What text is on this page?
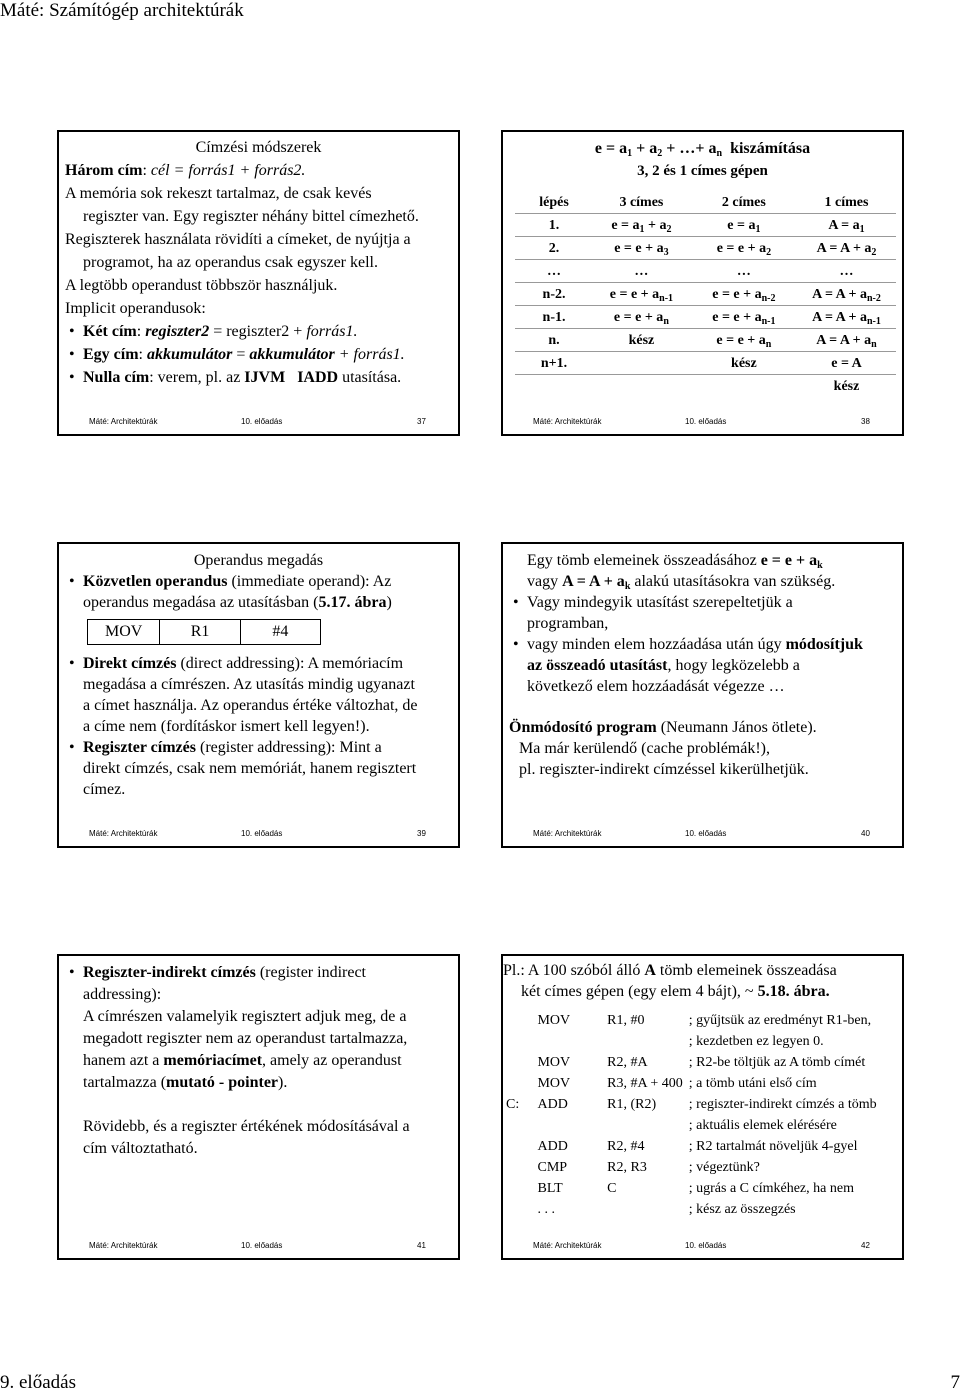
Máté: Számítógép architektúrák
Címzési módszerek
Három cím: cél = forrás1 + forrás2.
A memória sok rekeszt tartalmaz, de csak kevés
regiszter van. Egy regiszter néhány bittel címezhető.
Regiszterek használata rövidíti a címeket, de nyújtja a
programot, ha az operandus csak egyszer kell.
A legtöbb operandust többször használjuk.
Implicit operandusok:
• Két cím: regiszter2 = regiszter2 + forrás1.
• Egy cím: akkumulátor = akkumulátor + forrás1.
• Nulla cím: verem, pl. az IJVM IADD utasítása.
Máté: Architektúrák	10. előadás	37
$e = a_1 + a_2$ + …+ $a_n$ kiszámítása
3, 2 és 1 címes gépen
lépés	3 címes	2 címes	1 címes
1.	$e = a_1 + a_2$	$e = a_1$	$A = a_1$
2.	$e = e + a_3$	$e = e + a_2$	$A = A + a_2$
…	…	…	…
n-2.	$e = e + a_{n-1}$	$e = e + a_{n-2}$	$A = A + a_{n-2}$
n-1.	$e = e + a_n$	$e = e + a_{n-1}$	$A = A + a_{n-1}$
n.	kész	$e = e + a_n$	$A = A + a_n$
n+1.		kész	e = A
			kész
Máté: Architektúrák	10. előadás	38
Operandus megadás
• Közvetlen operandus (immediate operand): Az
operandus megadása az utasításban (5.17. ábra)
MOV	R1	#4
• Direkt címzés (direct addressing): A memóriacím
megadása a címrészen. Az utasítás mindig ugyanazt
a címet használja. Az operandus értéke változhat, de
a címe nem (fordításkor ismert kell legyen!).
• Regiszter címzés (register addressing): Mint a
direkt címzés, csak nem memóriát, hanem regisztert
címez.
Máté: Architektúrák	10. előadás	39
Egy tömb elemeinek összeadásához $e = e + a_k$
vagy $A = A + a_k$ alakú utasításokra van szükség.
• Vagy mindegyik utasítást szerepeltetjük a
programban,
• vagy minden elem hozzáadása után úgy módosítjuk
az összeadó utasítást, hogy legközelebb a
következő elem hozzáadását végezze …
Önmódosító program (Neumann János ötlete).
Ma már kerülendő (cache problémák!),
pl. regiszter-indirekt címzéssel kikerülhetjük.
Máté: Architektúrák	10. előadás	40
• Regiszter-indirekt címzés (register indirect
addressing):
A címrészen valamelyik regisztert adjuk meg, de a
megadott regiszter nem az operandust tartalmazza,
hanem azt a memóriacímet, amely az operandust
tartalmazza (mutató - pointer).
Rövidebb, és a regiszter értékének módosításával a
cím változtatható.
Máté: Architektúrák	10. előadás	41
Pl.: A 100 szóból álló A tömb elemeinek összeadása
két címes gépen (egy elem 4 bájt), ~ 5.18. ábra.
	MOV	R1, #0	; gyűjtsük az eredményt R1-ben,
			; kezdetben ez legyen 0.
	MOV	R2, #A	; R2-be töltjük az A tömb címét
	MOV	R3, #A + 400	; a tömb utáni első cím
C:	ADD	R1, (R2)	; regiszter-indirekt címzés a tömb
			; aktuális elemek elérésére
	ADD	R2, #4	; R2 tartalmát növeljük 4-gyel
	CMP	R2, R3	; végeztünk?
	BLT	C	; ugrás a C címkéhez, ha nem
	. . .		; kész az összegzés
Máté: Architektúrák	10. előadás	42
9. előadás	7
